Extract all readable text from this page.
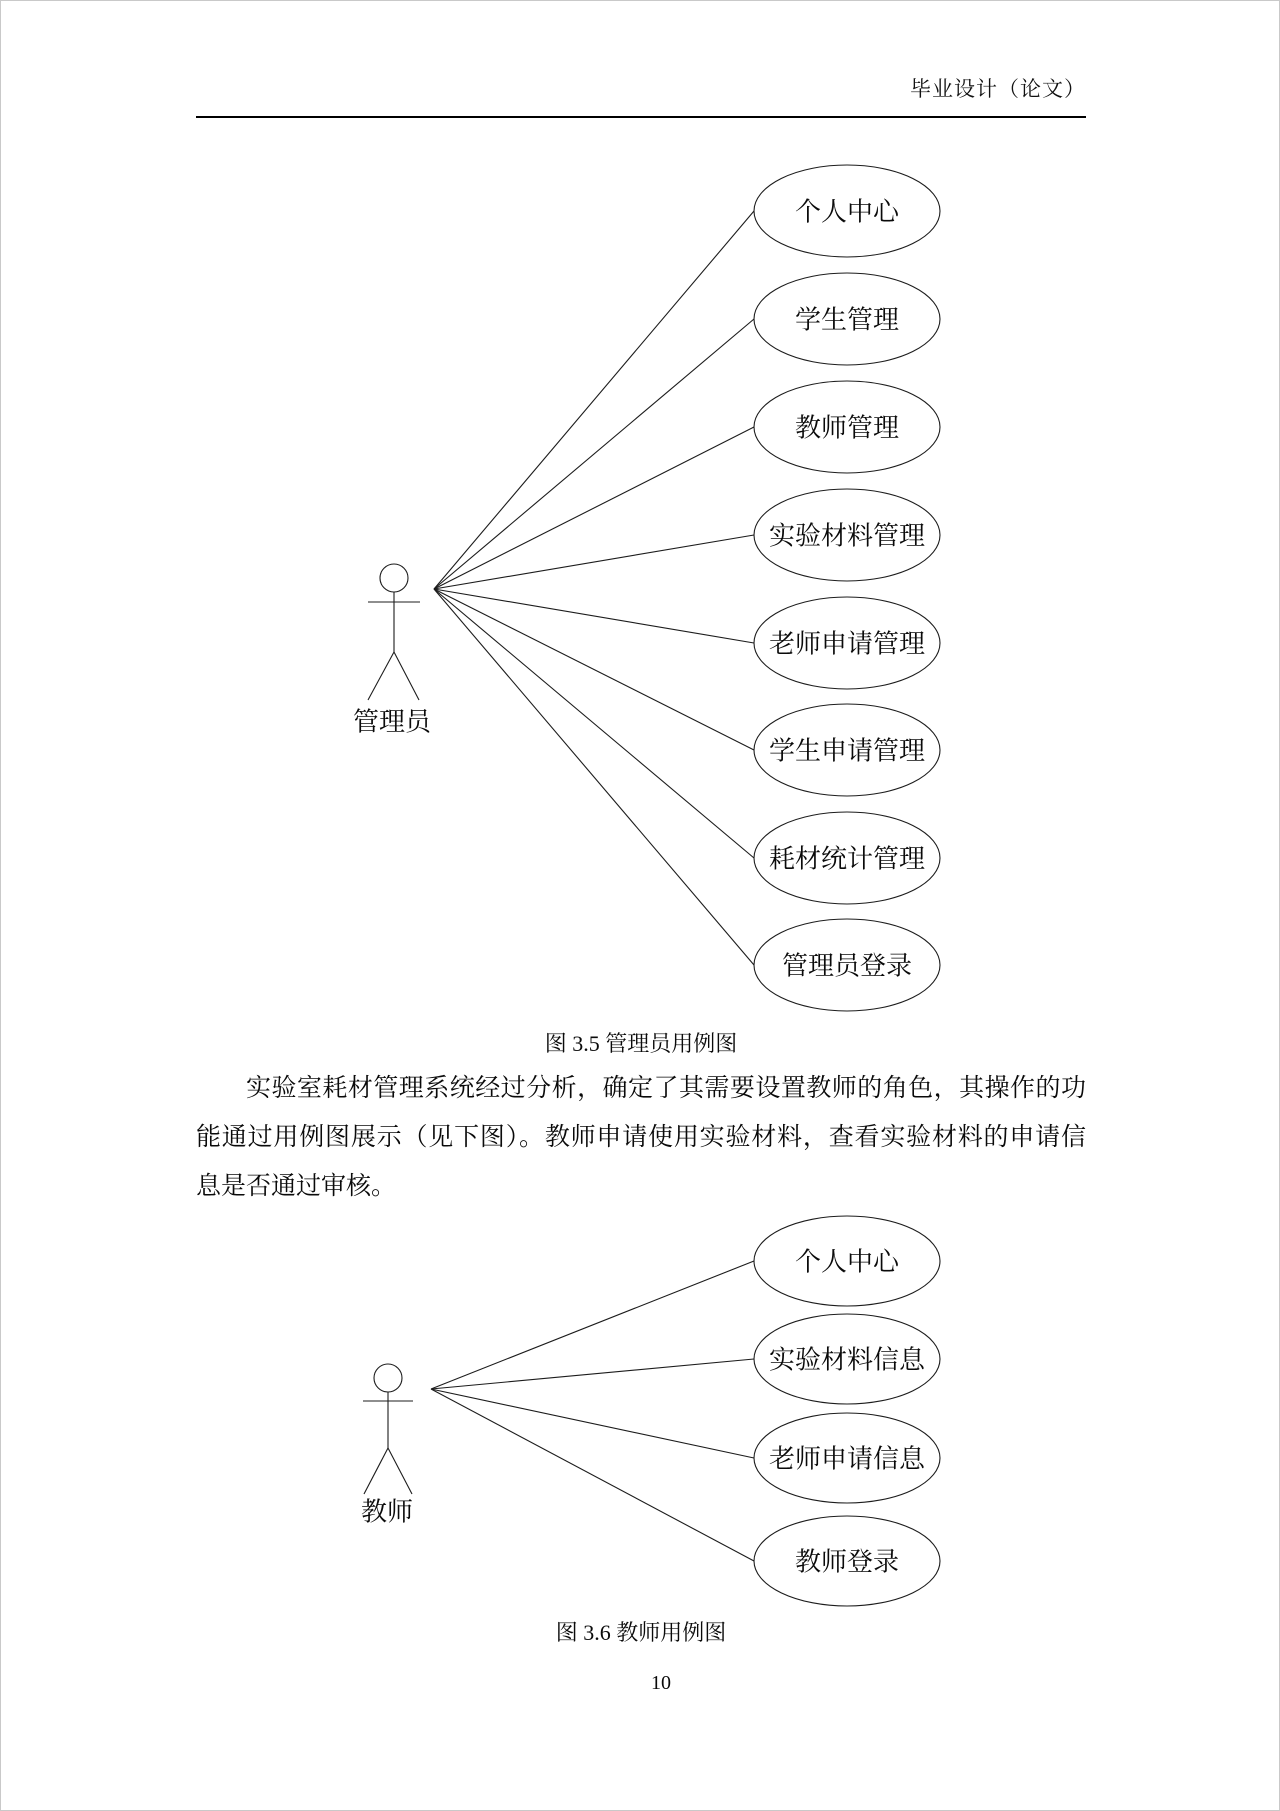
毕业设计（论文）
管理员
个人中心
学生管理
教师管理
实验材料管理
老师申请管理
学生申请管理
耗材统计管理
管理员登录
图 3.5 管理员用例图
实验室耗材管理系统经过分析，确定了其需要设置教师的角色，其操作的功
能通过用例图展示（见下图）。教师申请使用实验材料，查看实验材料的申请信
息是否通过审核。
教师
个人中心
实验材料信息
老师申请信息
教师登录
图 3.6 教师用例图
10
